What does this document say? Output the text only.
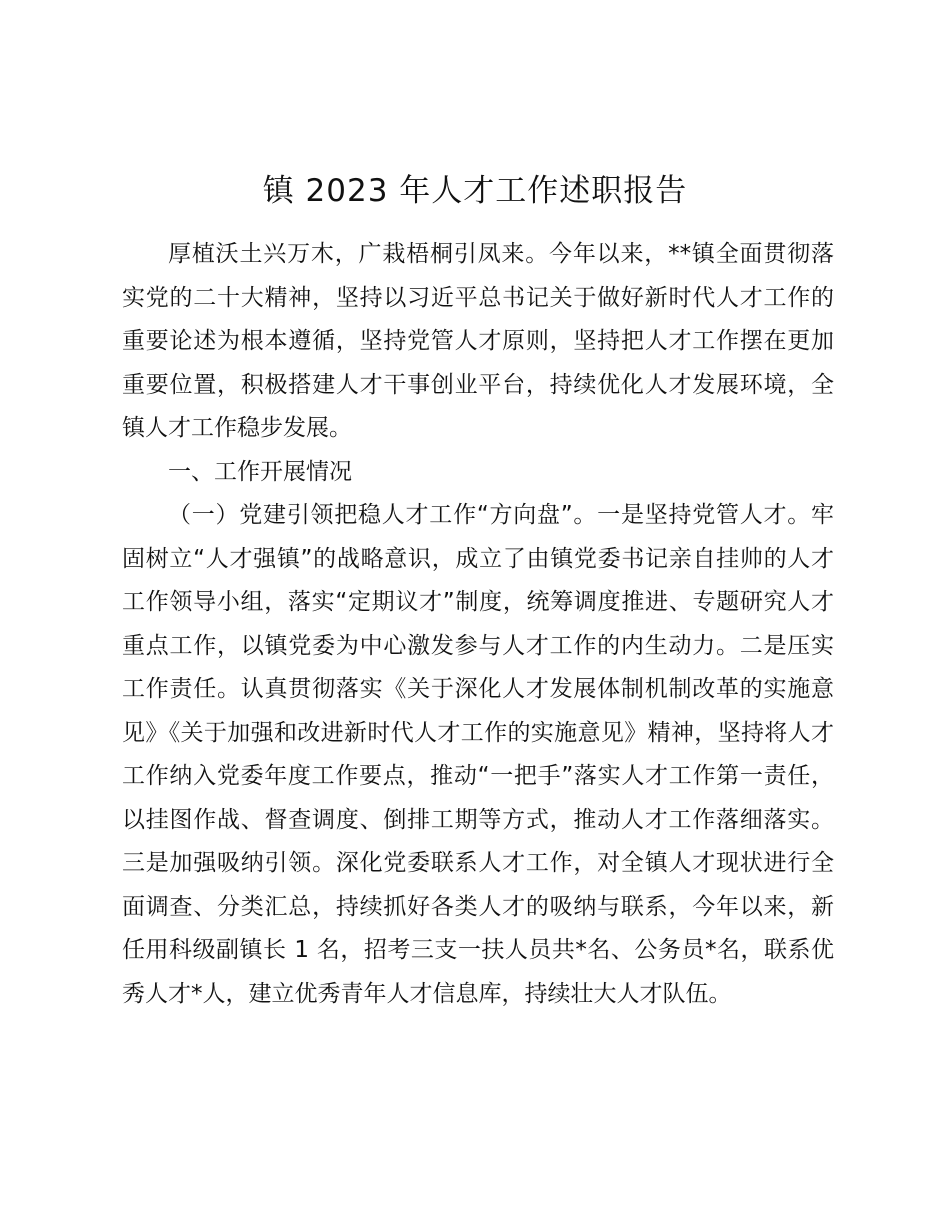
镇 2023 年人才工作述职报告

厚植沃土兴万木，广栽梧桐引凤来。今年以来，**镇全面贯彻落实党的二十大精神，坚持以习近平总书记关于做好新时代人才工作的重要论述为根本遵循，坚持党管人才原则，坚持把人才工作摆在更加重要位置，积极搭建人才干事创业平台，持续优化人才发展环境，全镇人才工作稳步发展。

一、工作开展情况

（一）党建引领把稳人才工作“方向盘”。一是坚持党管人才。牢固树立“人才强镇”的战略意识，成立了由镇党委书记亲自挂帅的人才工作领导小组，落实“定期议才”制度，统筹调度推进、专题研究人才重点工作，以镇党委为中心激发参与人才工作的内生动力。二是压实工作责任。认真贯彻落实《关于深化人才发展体制机制改革的实施意见》《关于加强和改进新时代人才工作的实施意见》精神，坚持将人才工作纳入党委年度工作要点，推动“一把手”落实人才工作第一责任，以挂图作战、督查调度、倒排工期等方式，推动人才工作落细落实。三是加强吸纳引领。深化党委联系人才工作，对全镇人才现状进行全面调查、分类汇总，持续抓好各类人才的吸纳与联系，今年以来，新任用科级副镇长 1 名，招考三支一扶人员共*名、公务员*名，联系优秀人才*人，建立优秀青年人才信息库，持续壮大人才队伍。
